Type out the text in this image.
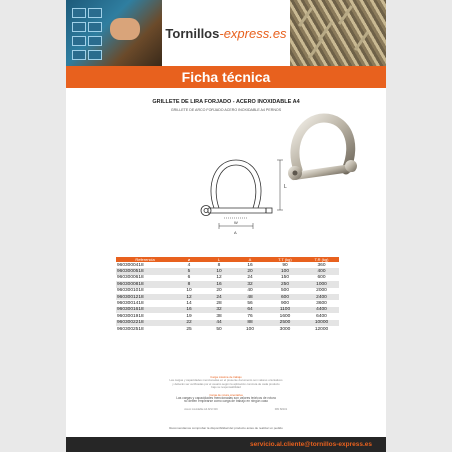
Tornillos-express.es
Ficha técnica
GRILLETE DE LIRA FORJADO - ACERO INOXIDABLE A4
GRILLETE DE ARCO FORJADO ACERO INOXIDABLE A4 PERNOS
L
W
A
Referencia	ø	L	A	T.T (kg)	T.R (kg)
9603000418	4	8	16	90	360
9603000518	5	10	20	100	400
9603000618	6	12	24	150	600
9603000818	8	16	32	250	1000
9603001018	10	20	40	500	2000
9603001218	12	24	48	600	2400
9603001418	14	28	56	900	3600
9603001618	16	32	64	1100	4400
9603001918	19	38	76	1600	6400
9603002218	22	44	88	2500	10000
9603002518	25	50	100	3000	12000
Carga máxima de trabajo
Las cargas y capacidades mencionadas en el presente documento son valores orientativos
y deberán ser verificadas por el usuario según la aplicación concreta de cada producto
bajo su responsabilidad
Carga de rotura orientativa
Las cargas y capacidades mencionadas son valores teóricos de rotura
no deben emplearse como carga de trabajo en ningún caso
Acero inoxidable A4 AISI 316	DIN 82101
Recomendamos comprobar la disponibilidad del producto antes de realizar un pedido
servicio.al.cliente@tornillos-express.es
